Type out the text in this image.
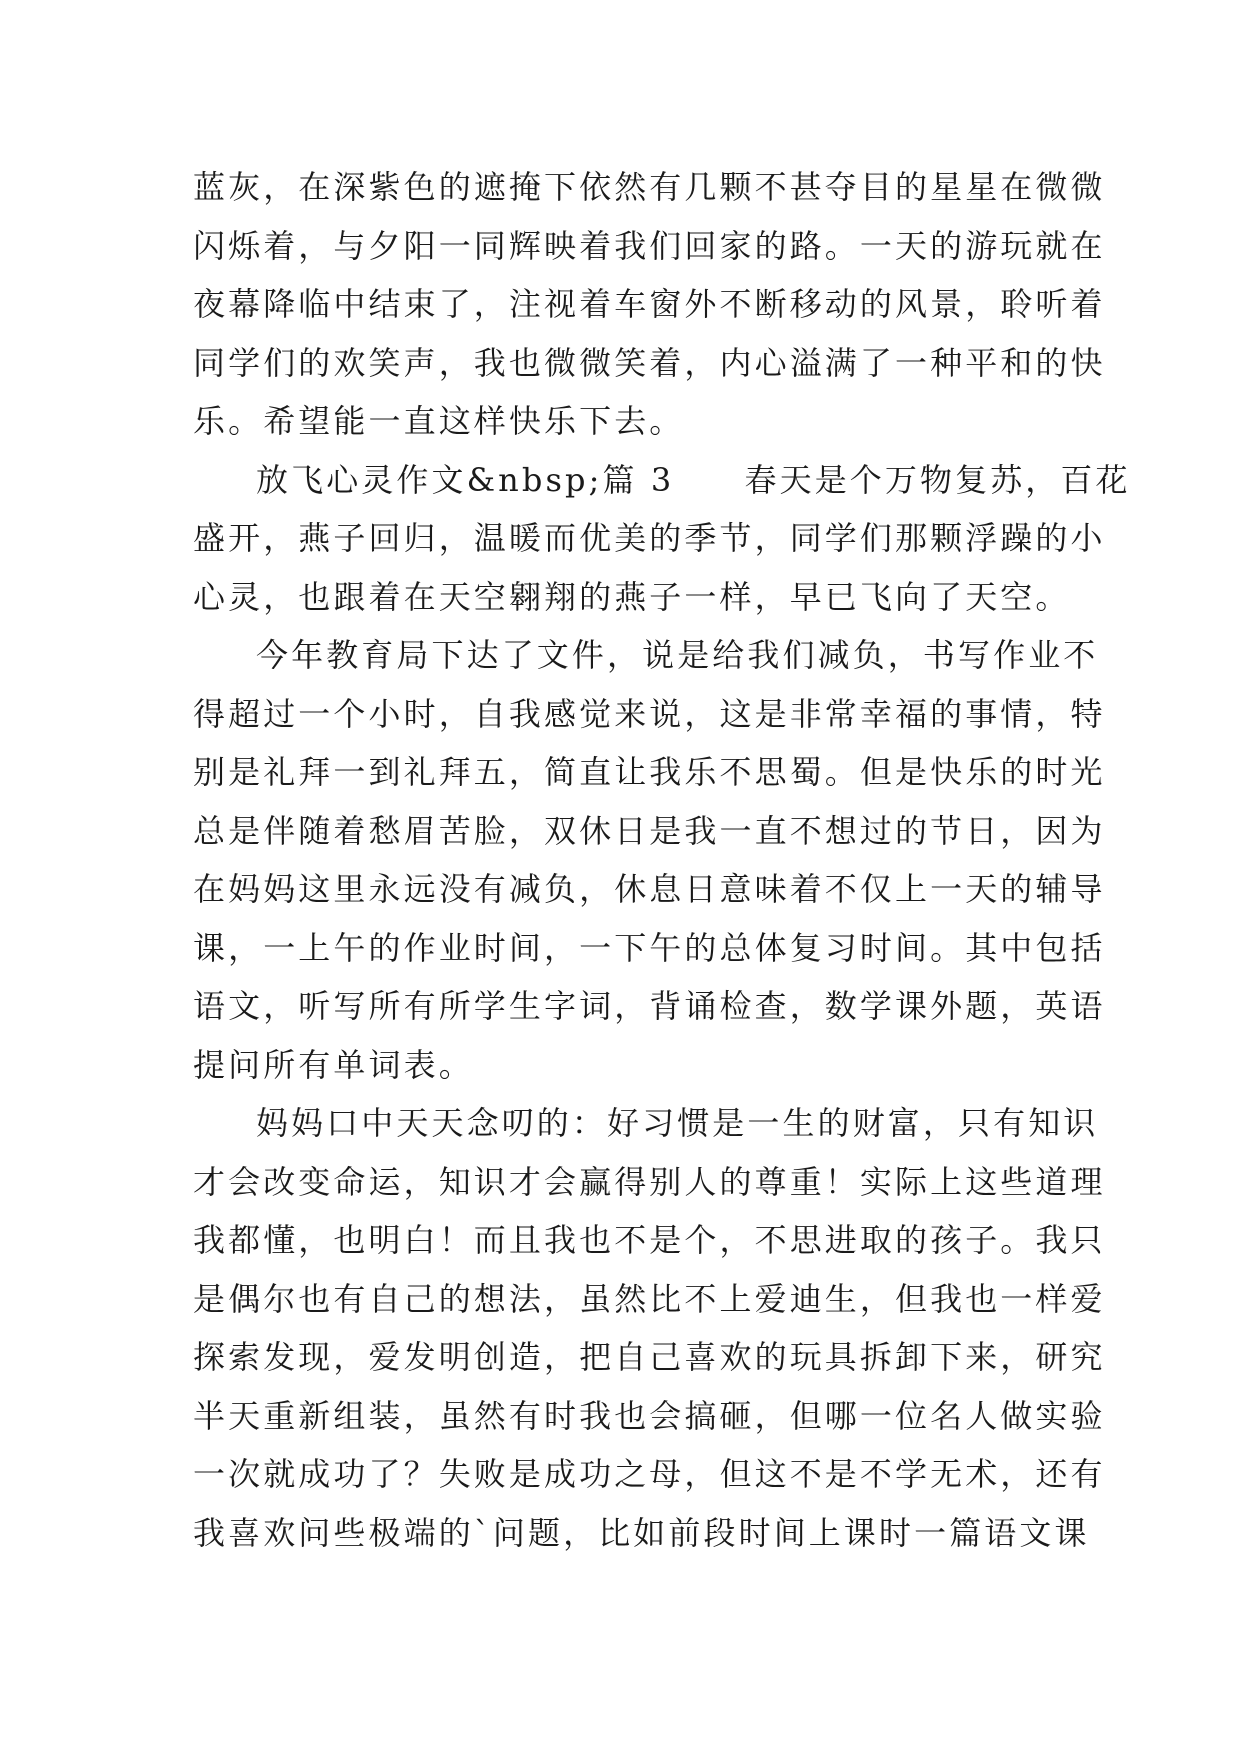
蓝灰，在深紫色的遮掩下依然有几颗不甚夺目的星星在微微
闪烁着，与夕阳一同辉映着我们回家的路。一天的游玩就在
夜幕降临中结束了，注视着车窗外不断移动的风景，聆听着
同学们的欢笑声，我也微微笑着，内心溢满了一种平和的快
乐。希望能一直这样快乐下去。
放飞心灵作文&nbsp;篇 3　　春天是个万物复苏，百花
盛开，燕子回归，温暖而优美的季节，同学们那颗浮躁的小
心灵，也跟着在天空翱翔的燕子一样，早已飞向了天空。
今年教育局下达了文件，说是给我们减负，书写作业不
得超过一个小时，自我感觉来说，这是非常幸福的事情，特
别是礼拜一到礼拜五，简直让我乐不思蜀。但是快乐的时光
总是伴随着愁眉苦脸，双休日是我一直不想过的节日，因为
在妈妈这里永远没有减负，休息日意味着不仅上一天的辅导
课，一上午的作业时间，一下午的总体复习时间。其中包括
语文，听写所有所学生字词，背诵检查，数学课外题，英语
提问所有单词表。
妈妈口中天天念叨的：好习惯是一生的财富，只有知识
才会改变命运，知识才会赢得别人的尊重！实际上这些道理
我都懂，也明白！而且我也不是个，不思进取的孩子。我只
是偶尔也有自己的想法，虽然比不上爱迪生，但我也一样爱
探索发现，爱发明创造，把自己喜欢的玩具拆卸下来，研究
半天重新组装，虽然有时我也会搞砸，但哪一位名人做实验
一次就成功了？失败是成功之母，但这不是不学无术，还有
我喜欢问些极端的`问题，比如前段时间上课时一篇语文课
